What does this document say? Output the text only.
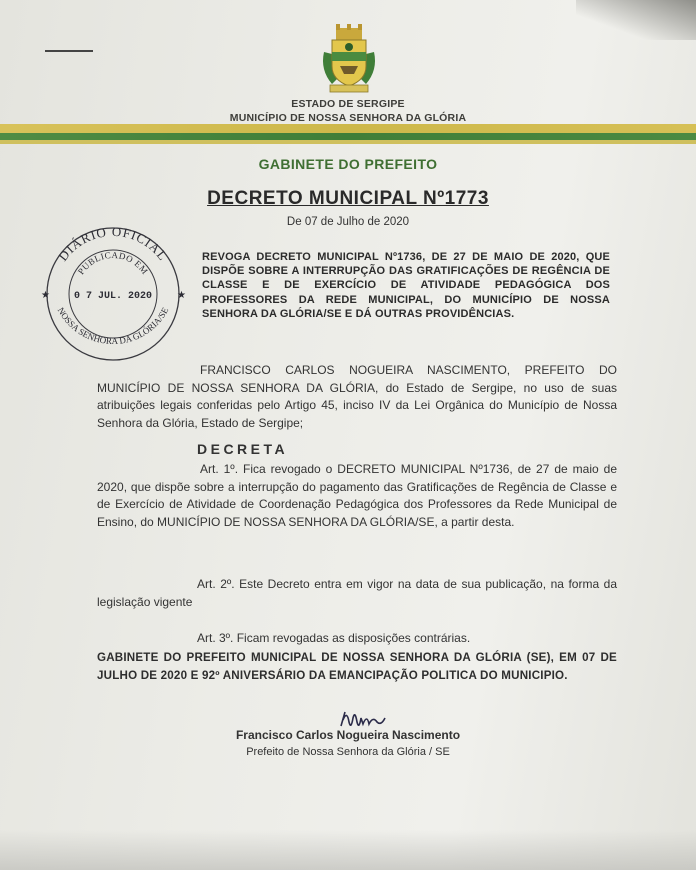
ESTADO DE SERGIPE
MUNICÍPIO DE NOSSA SENHORA DA GLÓRIA
GABINETE DO PREFEITO
DECRETO MUNICIPAL Nº1773
De 07 de Julho de 2020
DIÁRIO OFICIAL
PUBLICADO EM
0 7 JUL. 2020
NOSSA SENHORA DA GLÓRIA/SE
★	★
REVOGA DECRETO MUNICIPAL Nº1736, DE 27 DE MAIO DE 2020, QUE DISPÕE SOBRE A INTERRUPÇÃO DAS GRATIFICAÇÕES DE REGÊNCIA DE CLASSE E DE EXERCÍCIO DE ATIVIDADE PEDAGÓGICA DOS PROFESSORES DA REDE MUNICIPAL, DO MUNICÍPIO DE NOSSA SENHORA DA GLÓRIA/SE E DÁ OUTRAS PROVIDÊNCIAS.
FRANCISCO CARLOS NOGUEIRA NASCIMENTO, PREFEITO DO MUNICÍPIO DE NOSSA SENHORA DA GLÓRIA, do Estado de Sergipe, no uso de suas atribuições legais conferidas pelo Artigo 45, inciso IV da Lei Orgânica do Município de Nossa Senhora da Glória, Estado de Sergipe;
DECRETA
Art. 1º. Fica revogado o DECRETO MUNICIPAL Nº1736, de 27 de maio de 2020, que dispõe sobre a interrupção do pagamento das Gratificações de Regência de Classe e de Exercício de Atividade de Coordenação Pedagógica dos Professores da Rede Municipal de Ensino, do MUNICÍPIO DE NOSSA SENHORA DA GLÓRIA/SE, a partir desta.
Art. 2º. Este Decreto entra em vigor na data de sua publicação, na forma da legislação vigente
Art. 3º. Ficam revogadas as disposições contrárias.
GABINETE DO PREFEITO MUNICIPAL DE NOSSA SENHORA DA GLÓRIA (SE), EM 07 DE JULHO DE 2020 E 92º ANIVERSÁRIO DA EMANCIPAÇÃO POLITICA DO MUNICIPIO.
Francisco Carlos Nogueira Nascimento
Prefeito de Nossa Senhora da Glória / SE
